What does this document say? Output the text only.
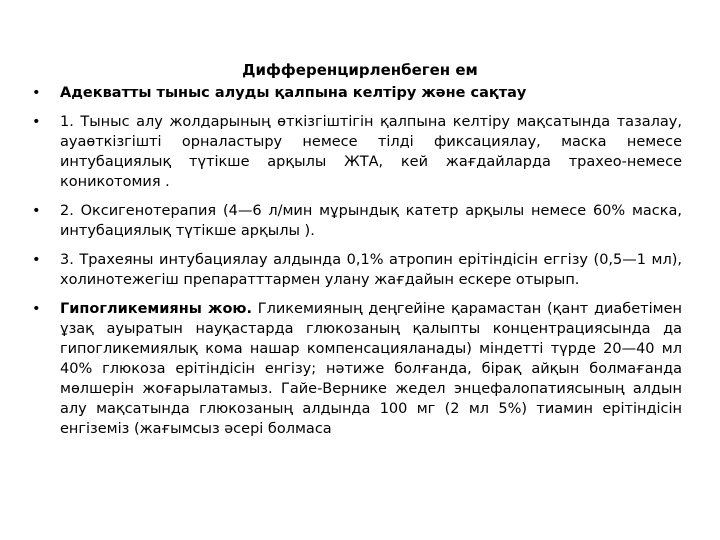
Дифференцирленбеген ем
• Адекватты тыныс алуды қалпына келтіру және сақтау
• 1. Тыныс алу жолдарының өткізгіштігін қалпына келтіру мақсатында тазалау, ауаөткізгішті орналастыру немесе тілді фиксациялау, маска немесе интубациялық түтікше арқылы ЖТА, кей жағдайларда трахео-немесе коникотомия .
• 2. Оксигенотерапия (4—6 л/мин мұрындық катетр арқылы немесе 60% маска, интубациялық түтікше арқылы ).
• 3. Трахеяны интубациялау алдында 0,1% атропин ерітіндісін еггізу (0,5—1 мл), холинотежегіш препаратттармен улану жағдайын ескере отырып.
• Гипогликемияны жою. Гликемияның деңгейіне қарамастан (қант диабетімен ұзақ ауыратын науқастарда глюкозаның қалыпты концентрациясында да гипогликемиялық кома нашар компенсацияланады) міндетті түрде 20—40 мл 40% глюкоза ерітіндісін енгізу; нәтиже болғанда, бірақ айқын болмағанда мөлшерін жоғарылатамыз. Гайе-Вернике жедел энцефалопатиясының алдын алу мақсатында глюкозаның алдында 100 мг (2 мл 5%) тиамин ерітіндісін енгіземіз (жағымсыз әсері болмаса
